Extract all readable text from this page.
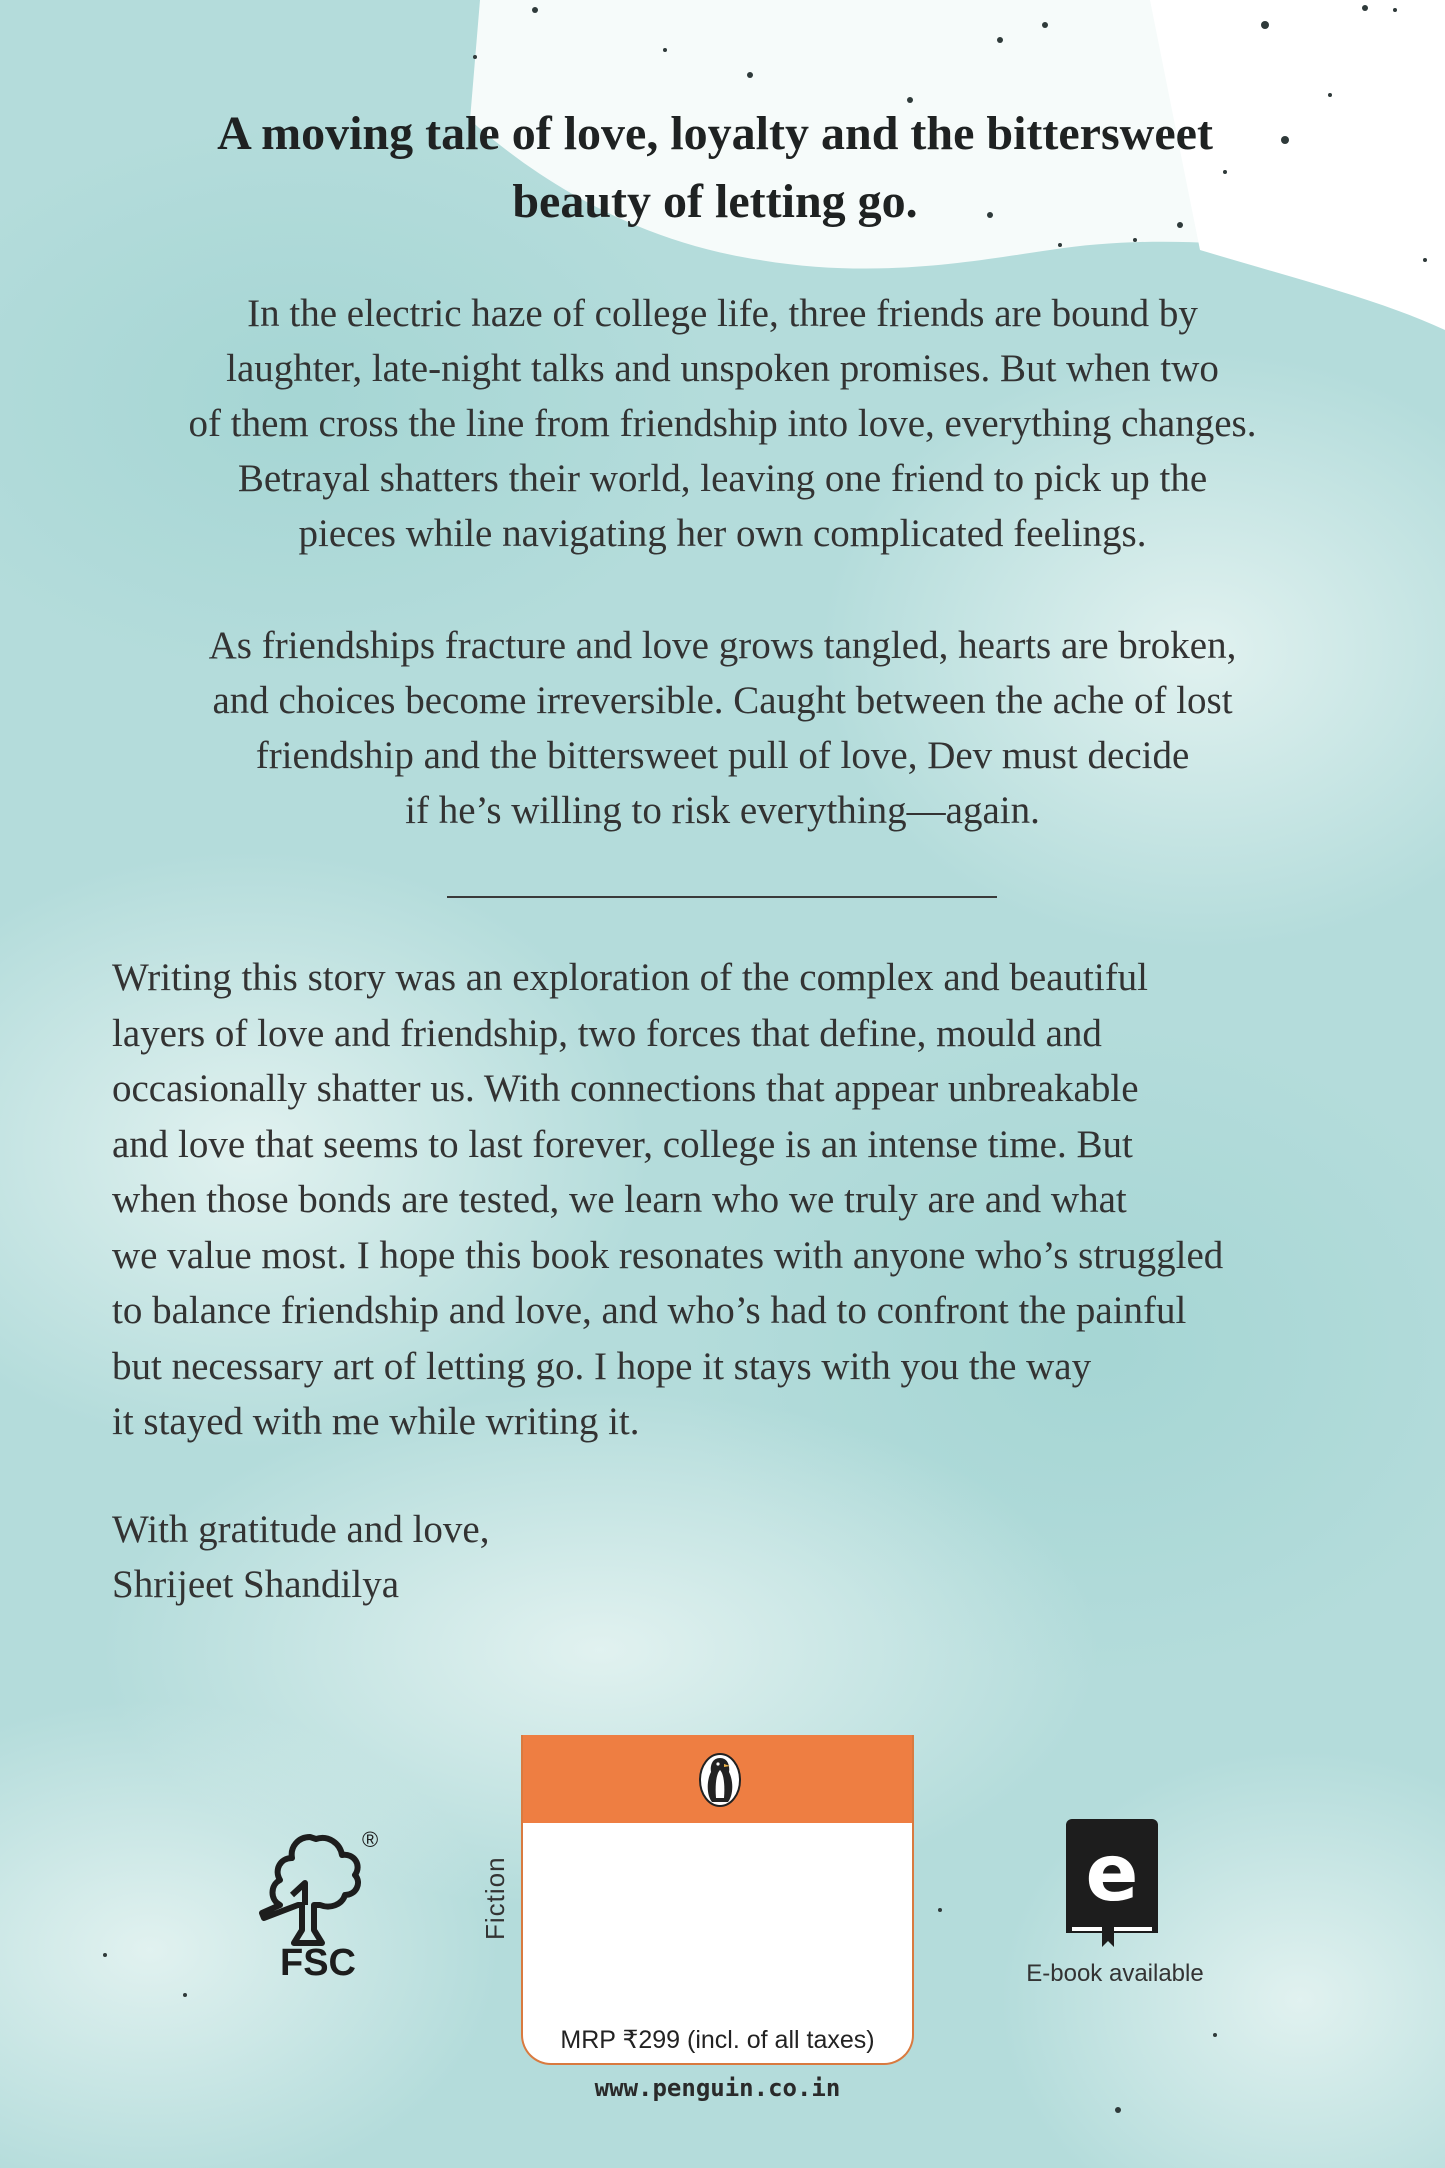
A moving tale of love, loyalty and the bittersweet
beauty of letting go.

In the electric haze of college life, three friends are bound by

laughter, late-night talks and unspoken promises. But when two

of them cross the line from friendship into love, everything changes.

Betrayal shatters their world, leaving one friend to pick up the

pieces while navigating her own complicated feelings.

As friendships fracture and love grows tangled, hearts are broken,

and choices become irreversible. Caught between the ache of lost

friendship and the bittersweet pull of love, Dev must decide

if he’s willing to risk everything—again.

Writing this story was an exploration of the complex and beautiful

layers of love and friendship, two forces that define, mould and

occasionally shatter us. With connections that appear unbreakable

and love that seems to last forever, college is an intense time. But

when those bonds are tested, we learn who we truly are and what

we value most. I hope this book resonates with anyone who’s struggled

to balance friendship and love, and who’s had to confront the painful

but necessary art of letting go. I hope it stays with you the way

it stayed with me while writing it.

With gratitude and love,

Shrijeet Shandilya

®
FSC
Fiction
MRP ₹299 (incl. of all taxes)
www.penguin.co.in
e
E-book available
